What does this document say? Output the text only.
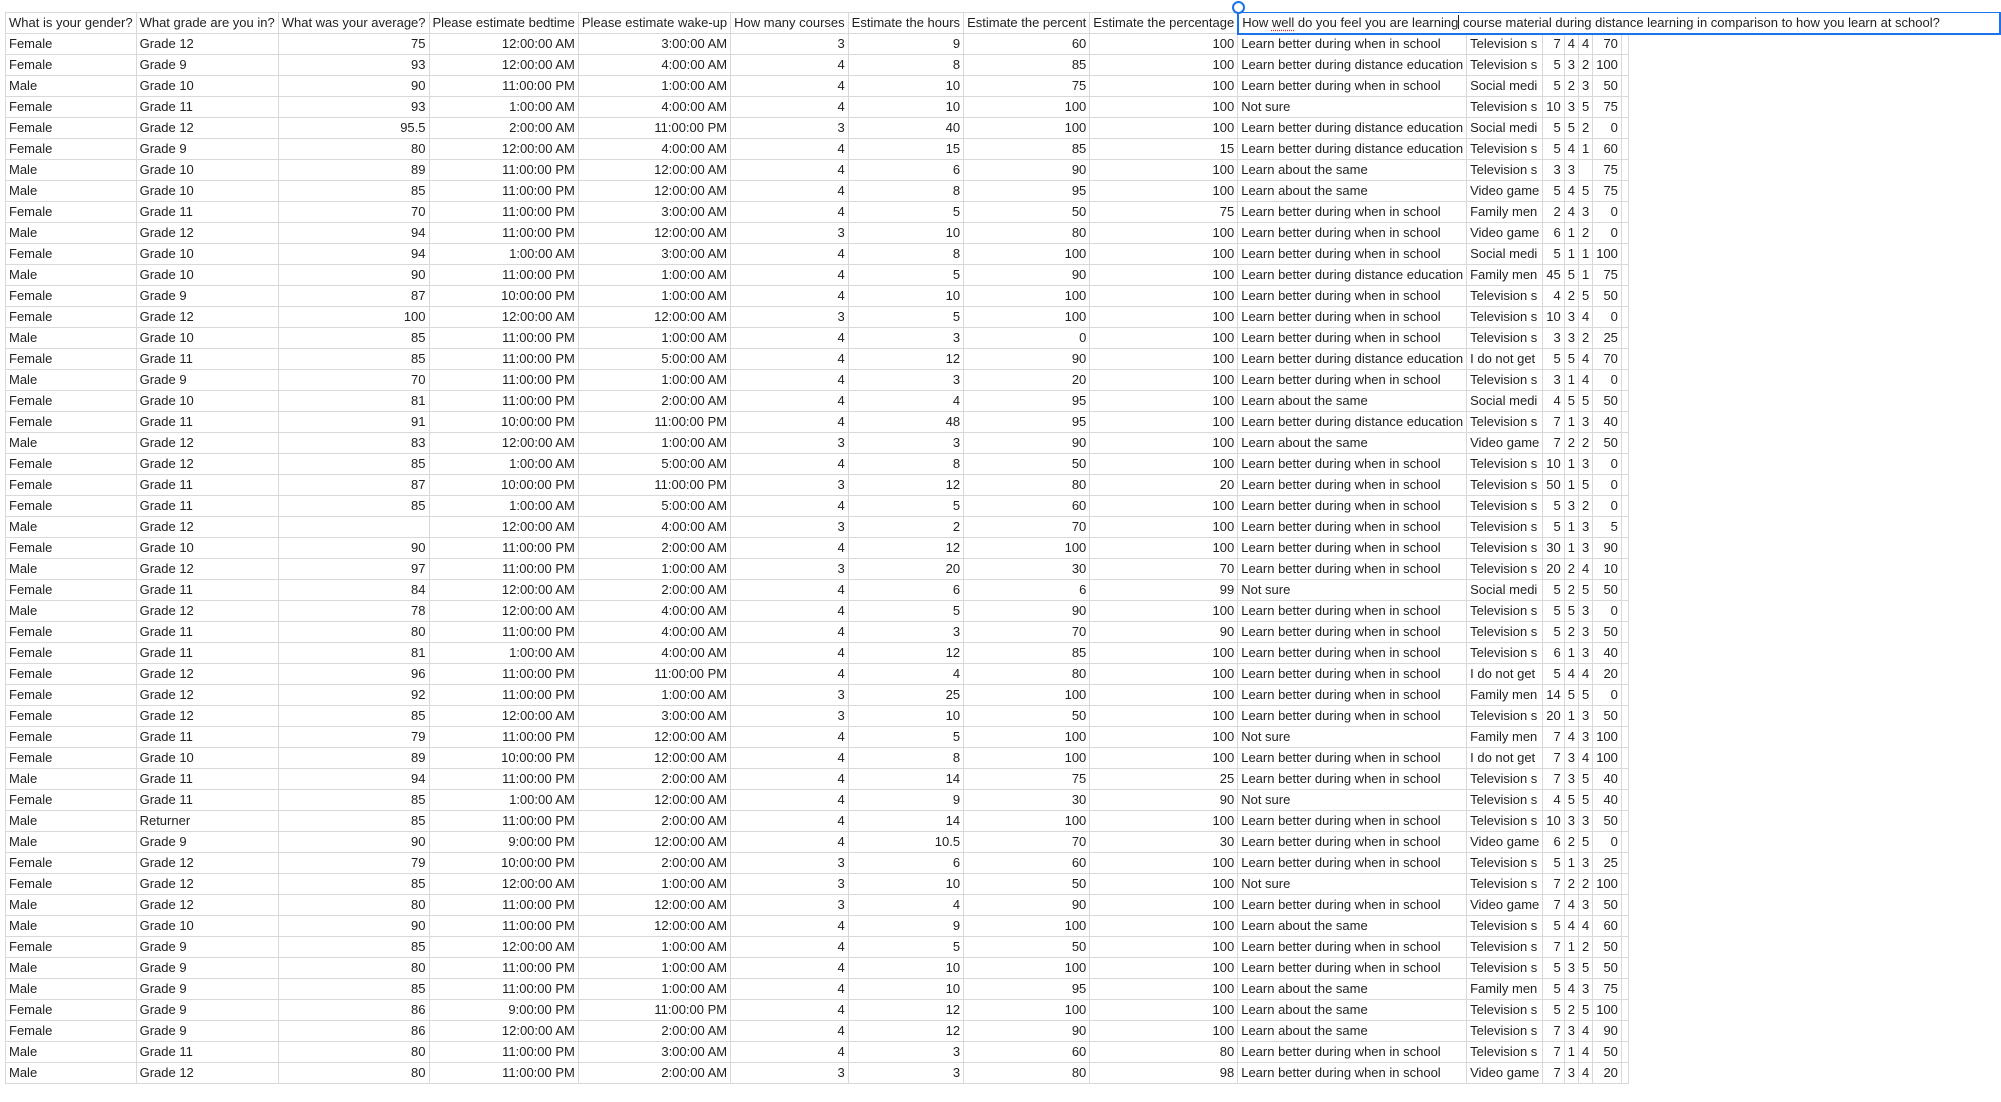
What is your gender?	What grade are you in?	What was your average?	Please estimate bedtime	Please estimate wake-up	How many courses	Estimate the hours	Estimate the percent	Estimate the percentage	How well do you feel you are learning course material during distance learning in comparison to how you learn at school?						

Female	Grade 12	75	12:00:00 AM	3:00:00 AM	3	9	60	100	Learn better during when in school	Television s	7	4	4	70	
Female	Grade 9	93	12:00:00 AM	4:00:00 AM	4	8	85	100	Learn better during distance education	Television s	5	3	2	100	
Male	Grade 10	90	11:00:00 PM	1:00:00 AM	4	10	75	100	Learn better during when in school	Social medi	5	2	3	50	
Female	Grade 11	93	1:00:00 AM	4:00:00 AM	4	10	100	100	Not sure	Television s	10	3	5	75	
Female	Grade 12	95.5	2:00:00 AM	11:00:00 PM	3	40	100	100	Learn better during distance education	Social medi	5	5	2	0	
Female	Grade 9	80	12:00:00 AM	4:00:00 AM	4	15	85	15	Learn better during distance education	Television s	5	4	1	60	
Male	Grade 10	89	11:00:00 PM	12:00:00 AM	4	6	90	100	Learn about the same	Television s	3	3		75	
Male	Grade 10	85	11:00:00 PM	12:00:00 AM	4	8	95	100	Learn about the same	Video game	5	4	5	75	
Female	Grade 11	70	11:00:00 PM	3:00:00 AM	4	5	50	75	Learn better during when in school	Family men	2	4	3	0	
Male	Grade 12	94	11:00:00 PM	12:00:00 AM	3	10	80	100	Learn better during when in school	Video game	6	1	2	0	
Female	Grade 10	94	1:00:00 AM	3:00:00 AM	4	8	100	100	Learn better during when in school	Social medi	5	1	1	100	
Male	Grade 10	90	11:00:00 PM	1:00:00 AM	4	5	90	100	Learn better during distance education	Family men	45	5	1	75	
Female	Grade 9	87	10:00:00 PM	1:00:00 AM	4	10	100	100	Learn better during when in school	Television s	4	2	5	50	
Female	Grade 12	100	12:00:00 AM	12:00:00 AM	3	5	100	100	Learn better during when in school	Television s	10	3	4	0	
Male	Grade 10	85	11:00:00 PM	1:00:00 AM	4	3	0	100	Learn better during when in school	Television s	3	3	2	25	
Female	Grade 11	85	11:00:00 PM	5:00:00 AM	4	12	90	100	Learn better during distance education	I do not get	5	5	4	70	
Male	Grade 9	70	11:00:00 PM	1:00:00 AM	4	3	20	100	Learn better during when in school	Television s	3	1	4	0	
Female	Grade 10	81	11:00:00 PM	2:00:00 AM	4	4	95	100	Learn about the same	Social medi	4	5	5	50	
Female	Grade 11	91	10:00:00 PM	11:00:00 PM	4	48	95	100	Learn better during distance education	Television s	7	1	3	40	
Male	Grade 12	83	12:00:00 AM	1:00:00 AM	3	3	90	100	Learn about the same	Video game	7	2	2	50	
Female	Grade 12	85	1:00:00 AM	5:00:00 AM	4	8	50	100	Learn better during when in school	Television s	10	1	3	0	
Female	Grade 11	87	10:00:00 PM	11:00:00 PM	3	12	80	20	Learn better during when in school	Television s	50	1	5	0	
Female	Grade 11	85	1:00:00 AM	5:00:00 AM	4	5	60	100	Learn better during when in school	Television s	5	3	2	0	
Male	Grade 12		12:00:00 AM	4:00:00 AM	3	2	70	100	Learn better during when in school	Television s	5	1	3	5	
Female	Grade 10	90	11:00:00 PM	2:00:00 AM	4	12	100	100	Learn better during when in school	Television s	30	1	3	90	
Male	Grade 12	97	11:00:00 PM	1:00:00 AM	3	20	30	70	Learn better during when in school	Television s	20	2	4	10	
Female	Grade 11	84	12:00:00 AM	2:00:00 AM	4	6	6	99	Not sure	Social medi	5	2	5	50	
Male	Grade 12	78	12:00:00 AM	4:00:00 AM	4	5	90	100	Learn better during when in school	Television s	5	5	3	0	
Female	Grade 11	80	11:00:00 PM	4:00:00 AM	4	3	70	90	Learn better during when in school	Television s	5	2	3	50	
Female	Grade 11	81	1:00:00 AM	4:00:00 AM	4	12	85	100	Learn better during when in school	Television s	6	1	3	40	
Female	Grade 12	96	11:00:00 PM	11:00:00 PM	4	4	80	100	Learn better during when in school	I do not get	5	4	4	20	
Female	Grade 12	92	11:00:00 PM	1:00:00 AM	3	25	100	100	Learn better during when in school	Family men	14	5	5	0	
Female	Grade 12	85	12:00:00 AM	3:00:00 AM	3	10	50	100	Learn better during when in school	Television s	20	1	3	50	
Female	Grade 11	79	11:00:00 PM	12:00:00 AM	4	5	100	100	Not sure	Family men	7	4	3	100	
Female	Grade 10	89	10:00:00 PM	12:00:00 AM	4	8	100	100	Learn better during when in school	I do not get	7	3	4	100	
Male	Grade 11	94	11:00:00 PM	2:00:00 AM	4	14	75	25	Learn better during when in school	Television s	7	3	5	40	
Female	Grade 11	85	1:00:00 AM	12:00:00 AM	4	9	30	90	Not sure	Television s	4	5	5	40	
Male	Returner	85	11:00:00 PM	2:00:00 AM	4	14	100	100	Learn better during when in school	Television s	10	3	3	50	
Male	Grade 9	90	9:00:00 PM	12:00:00 AM	4	10.5	70	30	Learn better during when in school	Video game	6	2	5	0	
Female	Grade 12	79	10:00:00 PM	2:00:00 AM	3	6	60	100	Learn better during when in school	Television s	5	1	3	25	
Female	Grade 12	85	12:00:00 AM	1:00:00 AM	3	10	50	100	Not sure	Television s	7	2	2	100	
Male	Grade 12	80	11:00:00 PM	12:00:00 AM	3	4	90	100	Learn better during when in school	Video game	7	4	3	50	
Male	Grade 10	90	11:00:00 PM	12:00:00 AM	4	9	100	100	Learn about the same	Television s	5	4	4	60	
Female	Grade 9	85	12:00:00 AM	1:00:00 AM	4	5	50	100	Learn better during when in school	Television s	7	1	2	50	
Male	Grade 9	80	11:00:00 PM	1:00:00 AM	4	10	100	100	Learn better during when in school	Television s	5	3	5	50	
Male	Grade 9	85	11:00:00 PM	1:00:00 AM	4	10	95	100	Learn about the same	Family men	5	4	3	75	
Female	Grade 9	86	9:00:00 PM	11:00:00 PM	4	12	100	100	Learn about the same	Television s	5	2	5	100	
Female	Grade 9	86	12:00:00 AM	2:00:00 AM	4	12	90	100	Learn about the same	Television s	7	3	4	90	
Male	Grade 11	80	11:00:00 PM	3:00:00 AM	4	3	60	80	Learn better during when in school	Television s	7	1	4	50	
Male	Grade 12	80	11:00:00 PM	2:00:00 AM	3	3	80	98	Learn better during when in school	Video game	7	3	4	20	
